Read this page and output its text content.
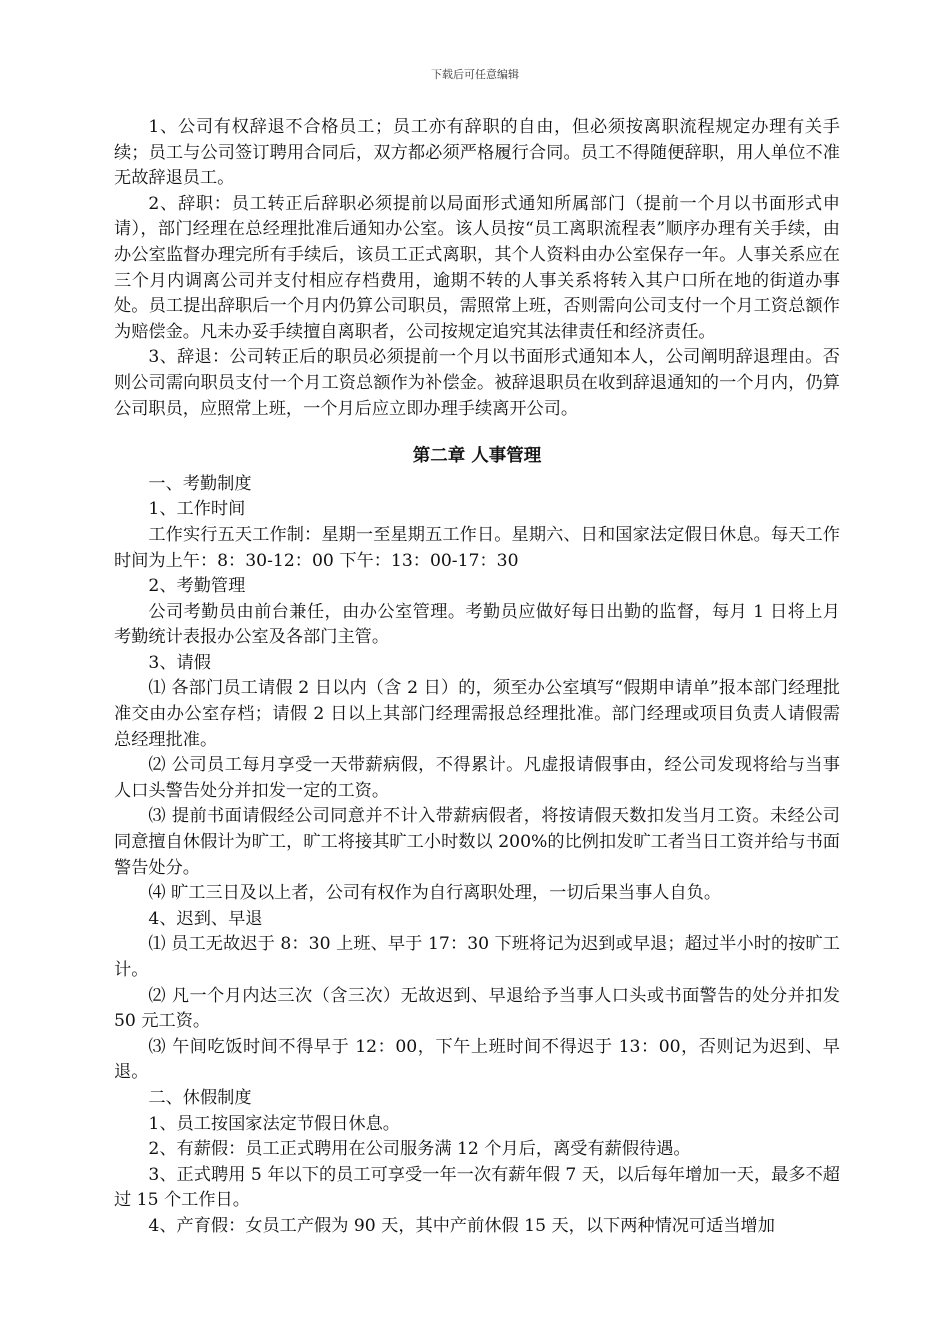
下载后可任意编辑

1、公司有权辞退不合格员工；员工亦有辞职的自由，但必须按离职流程规定办理有关手续；员工与公司签订聘用合同后，双方都必须严格履行合同。员工不得随便辞职，用人单位不准无故辞退员工。

2、辞职：员工转正后辞职必须提前以局面形式通知所属部门（提前一个月以书面形式申请），部门经理在总经理批准后通知办公室。该人员按“员工离职流程表”顺序办理有关手续，由办公室监督办理完所有手续后，该员工正式离职，其个人资料由办公室保存一年。人事关系应在三个月内调离公司并支付相应存档费用，逾期不转的人事关系将转入其户口所在地的街道办事处。员工提出辞职后一个月内仍算公司职员，需照常上班，否则需向公司支付一个月工资总额作为赔偿金。凡未办妥手续擅自离职者，公司按规定追究其法律责任和经济责任。

3、辞退：公司转正后的职员必须提前一个月以书面形式通知本人，公司阐明辞退理由。否则公司需向职员支付一个月工资总额作为补偿金。被辞退职员在收到辞退通知的一个月内，仍算公司职员，应照常上班，一个月后应立即办理手续离开公司。

第二章 人事管理

一、考勤制度

1、工作时间

工作实行五天工作制：星期一至星期五工作日。星期六、日和国家法定假日休息。每天工作时间为上午：8：30-12：00 下午：13：00-17：30

2、考勤管理

公司考勤员由前台兼任，由办公室管理。考勤员应做好每日出勤的监督，每月 1 日将上月考勤统计表报办公室及各部门主管。

3、请假

⑴ 各部门员工请假 2 日以内（含 2 日）的，须至办公室填写“假期申请单”报本部门经理批准交由办公室存档；请假 2 日以上其部门经理需报总经理批准。部门经理或项目负责人请假需总经理批准。

⑵ 公司员工每月享受一天带薪病假，不得累计。凡虚报请假事由，经公司发现将给与当事人口头警告处分并扣发一定的工资。

⑶ 提前书面请假经公司同意并不计入带薪病假者，将按请假天数扣发当月工资。未经公司同意擅自休假计为旷工，旷工将接其旷工小时数以 200%的比例扣发旷工者当日工资并给与书面警告处分。

⑷ 旷工三日及以上者，公司有权作为自行离职处理，一切后果当事人自负。

4、迟到、早退

⑴ 员工无故迟于 8：30 上班、早于 17：30 下班将记为迟到或早退；超过半小时的按旷工计。

⑵ 凡一个月内达三次（含三次）无故迟到、早退给予当事人口头或书面警告的处分并扣发 50 元工资。

⑶ 午间吃饭时间不得早于 12：00，下午上班时间不得迟于 13：00，否则记为迟到、早退。

二、休假制度

1、员工按国家法定节假日休息。

2、有薪假：员工正式聘用在公司服务满 12 个月后，离受有薪假待遇。

3、正式聘用 5 年以下的员工可享受一年一次有薪年假 7 天，以后每年增加一天，最多不超过 15 个工作日。

4、产育假：女员工产假为 90 天，其中产前休假 15 天，以下两种情况可适当增加
